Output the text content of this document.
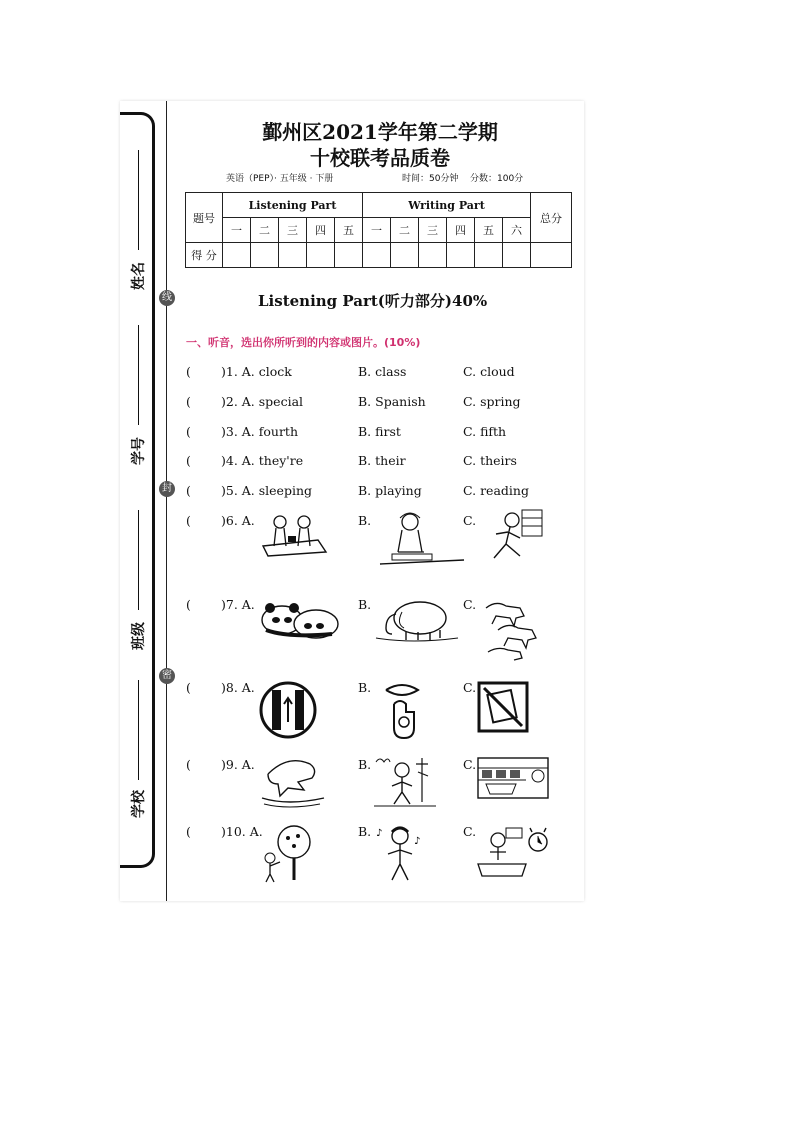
姓名
学号
班级
学校
线
封
密
鄞州区2021学年第二学期
十校联考品质卷
英语（PEP）· 五年级 · 下册	时间：50分钟 分数：100分
题号	Listening Part					Writing Part						总分
	一	二	三	四	五	一	二	三	四	五	六	
得 分												
Listening Part(听力部分)40%
一、听音，选出你所听到的内容或图片。(10%)
( )1. A. clock	B. class	C. cloud
( )2. A. special	B. Spanish	C. spring
( )3. A. fourth	B. first	C. fifth
( )4. A. they're	B. their	C. theirs
( )5. A. sleeping	B. playing	C. reading
( )6. A.	B.	C.
( )7. A.	B.	C.
( )8. A.	B.	C.
( )9. A.	B.	C.
( )10. A.	B.	C.
♪
♪
